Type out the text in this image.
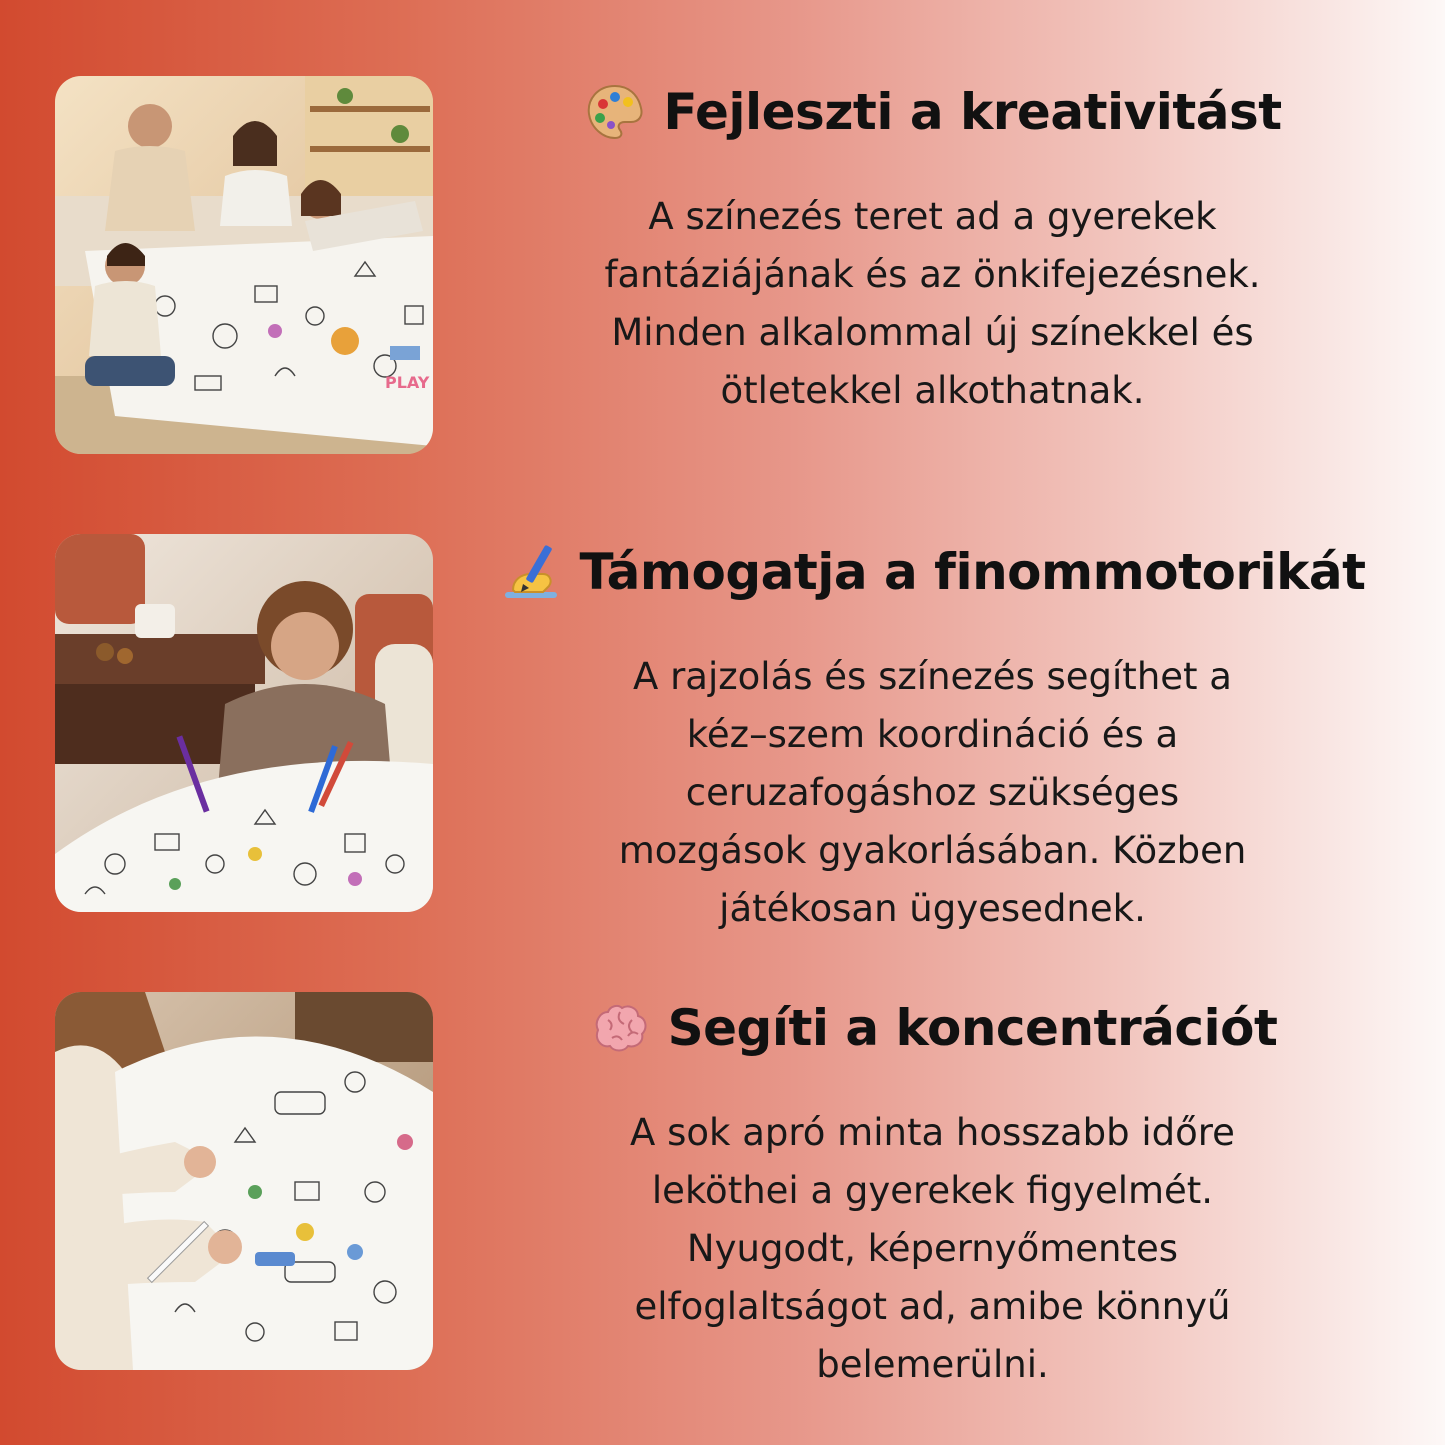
PLAY
Fejleszti a kreativitást
A színezés teret ad a gyerekek
fantáziájának és az önkifejezésnek.
Minden alkalommal új színekkel és
ötletekkel alkothatnak.
Támogatja a finommotorikát
A rajzolás és színezés segíthet a
kéz–szem koordináció és a
ceruzafogáshoz szükséges
mozgások gyakorlásában. Közben
játékosan ügyesednek.
Segíti a koncentrációt
A sok apró minta hosszabb időre
leköthei a gyerekek figyelmét.
Nyugodt, képernyőmentes
elfoglaltságot ad, amibe könnyű
belemerülni.
